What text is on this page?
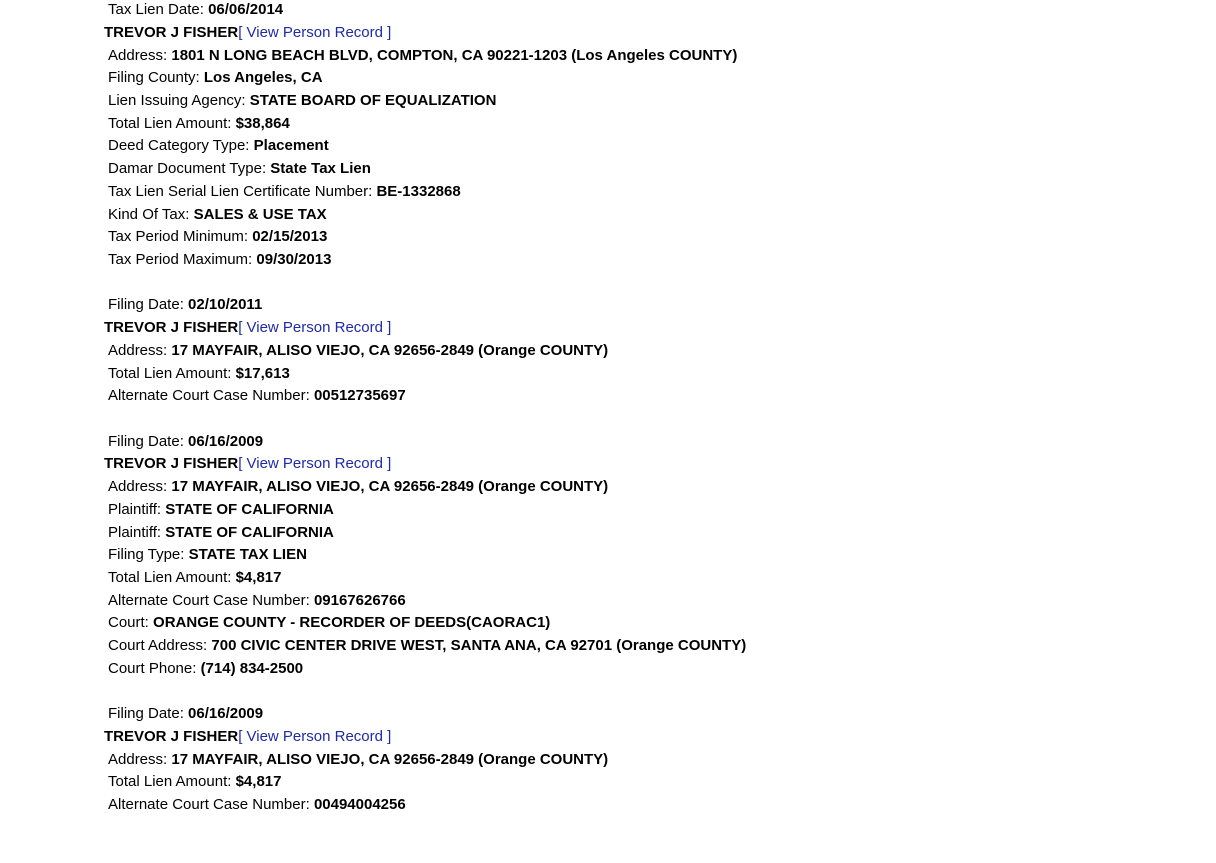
Tax Lien Date: 06/06/2014
TREVOR J FISHER[ View Person Record ]
Address: 1801 N LONG BEACH BLVD, COMPTON, CA 90221-1203 (Los Angeles COUNTY)
Filing County: Los Angeles, CA
Lien Issuing Agency: STATE BOARD OF EQUALIZATION
Total Lien Amount: $38,864
Deed Category Type: Placement
Damar Document Type: State Tax Lien
Tax Lien Serial Lien Certificate Number: BE-1332868
Kind Of Tax: SALES & USE TAX
Tax Period Minimum: 02/15/2013
Tax Period Maximum: 09/30/2013
Filing Date: 02/10/2011
TREVOR J FISHER[ View Person Record ]
Address: 17 MAYFAIR, ALISO VIEJO, CA 92656-2849 (Orange COUNTY)
Total Lien Amount: $17,613
Alternate Court Case Number: 00512735697
Filing Date: 06/16/2009
TREVOR J FISHER[ View Person Record ]
Address: 17 MAYFAIR, ALISO VIEJO, CA 92656-2849 (Orange COUNTY)
Plaintiff: STATE OF CALIFORNIA
Plaintiff: STATE OF CALIFORNIA
Filing Type: STATE TAX LIEN
Total Lien Amount: $4,817
Alternate Court Case Number: 09167626766
Court: ORANGE COUNTY - RECORDER OF DEEDS(CAORAC1)
Court Address: 700 CIVIC CENTER DRIVE WEST, SANTA ANA, CA 92701 (Orange COUNTY)
Court Phone: (714) 834-2500
Filing Date: 06/16/2009
TREVOR J FISHER[ View Person Record ]
Address: 17 MAYFAIR, ALISO VIEJO, CA 92656-2849 (Orange COUNTY)
Total Lien Amount: $4,817
Alternate Court Case Number: 00494004256
